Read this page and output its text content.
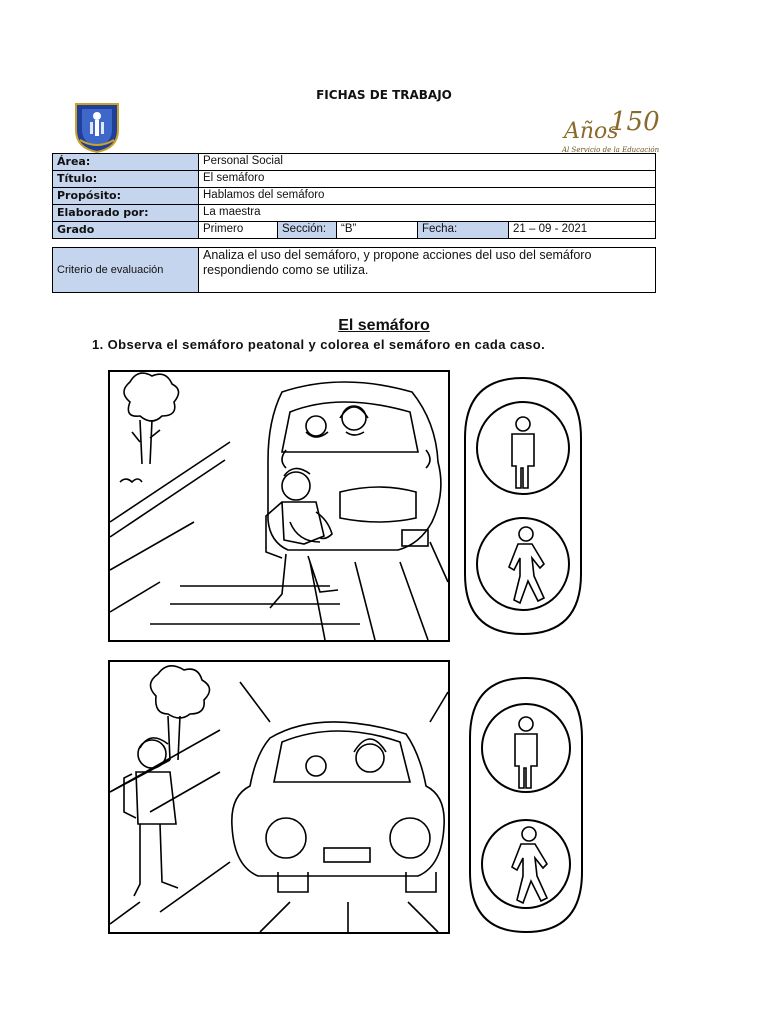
FICHAS DE TRABAJO
Años
150
Al Servicio de la Educación
Área:	Personal Social				
Título:	El semáforo				
Propósito:	Hablamos del semáforo				
Elaborado por:	La maestra				
Grado	Primero	Sección:	“B”	Fecha:	21 – 09 - 2021
Criterio de evaluación	Analiza el uso del semáforo, y propone acciones del uso del semáforo respondiendo como se utiliza.
El semáforo
1. Observa el semáforo peatonal y colorea el semáforo en cada caso.
